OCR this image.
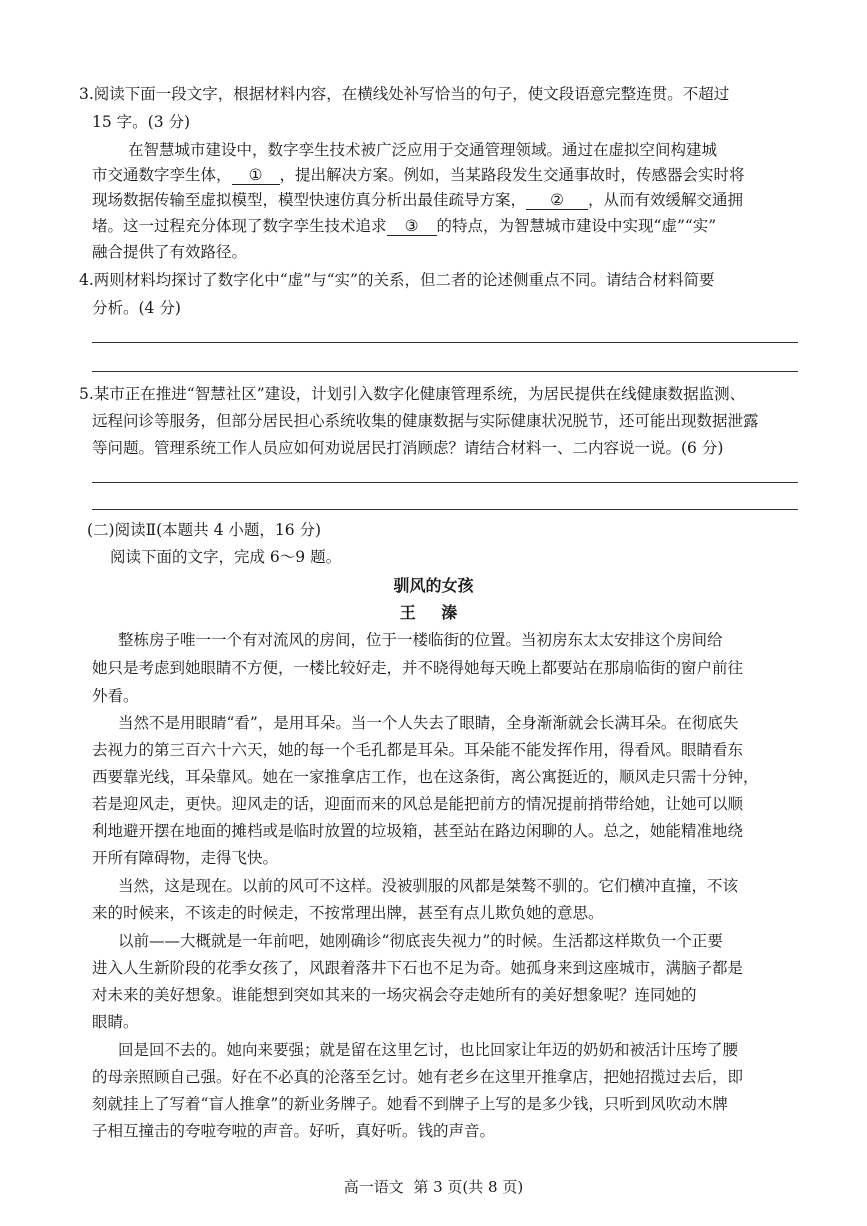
3.阅读下面一段文字，根据材料内容，在横线处补写恰当的句子，使文段语意完整连贯。不超过
15 字。(3 分)
在智慧城市建设中，数字孪生技术被广泛应用于交通管理领域。通过在虚拟空间构建城
市交通数字孪生体， ① ，提出解决方案。例如，当某路段发生交通事故时，传感器会实时将
现场数据传输至虚拟模型，模型快速仿真分析出最佳疏导方案， ② ，从而有效缓解交通拥
堵。这一过程充分体现了数字孪生技术追求 ③ 的特点，为智慧城市建设中实现“虚”“实”
融合提供了有效路径。
4.两则材料均探讨了数字化中“虚”与“实”的关系，但二者的论述侧重点不同。请结合材料简要
分析。(4 分)
5.某市正在推进“智慧社区”建设，计划引入数字化健康管理系统，为居民提供在线健康数据监测、
远程问诊等服务，但部分居民担心系统收集的健康数据与实际健康状况脱节，还可能出现数据泄露
等问题。管理系统工作人员应如何劝说居民打消顾虑？请结合材料一、二内容说一说。(6 分)
(二)阅读Ⅱ(本题共 4 小题，16 分)
阅读下面的文字，完成 6～9 题。
驯风的女孩
王 溱
整栋房子唯一一个有对流风的房间，位于一楼临街的位置。当初房东太太安排这个房间给
她只是考虑到她眼睛不方便，一楼比较好走，并不晓得她每天晚上都要站在那扇临街的窗户前往
外看。
当然不是用眼睛“看”，是用耳朵。当一个人失去了眼睛，全身渐渐就会长满耳朵。在彻底失
去视力的第三百六十六天，她的每一个毛孔都是耳朵。耳朵能不能发挥作用，得看风。眼睛看东
西要靠光线，耳朵靠风。她在一家推拿店工作，也在这条街，离公寓挺近的，顺风走只需十分钟，
若是迎风走，更快。迎风走的话，迎面而来的风总是能把前方的情况提前捎带给她，让她可以顺
利地避开摆在地面的摊档或是临时放置的垃圾箱，甚至站在路边闲聊的人。总之，她能精准地绕
开所有障碍物，走得飞快。
当然，这是现在。以前的风可不这样。没被驯服的风都是桀骜不驯的。它们横冲直撞，不该
来的时候来，不该走的时候走，不按常理出牌，甚至有点儿欺负她的意思。
以前——大概就是一年前吧，她刚确诊“彻底丧失视力”的时候。生活都这样欺负一个正要
进入人生新阶段的花季女孩了，风跟着落井下石也不足为奇。她孤身来到这座城市，满脑子都是
对未来的美好想象。谁能想到突如其来的一场灾祸会夺走她所有的美好想象呢？连同她的
眼睛。
回是回不去的。她向来要强；就是留在这里乞讨，也比回家让年迈的奶奶和被活计压垮了腰
的母亲照顾自己强。好在不必真的沦落至乞讨。她有老乡在这里开推拿店，把她招揽过去后，即
刻就挂上了写着“盲人推拿”的新业务牌子。她看不到牌子上写的是多少钱，只听到风吹动木牌
子相互撞击的夸啦夸啦的声音。好听，真好听。钱的声音。
高一语文 第 3 页(共 8 页)
